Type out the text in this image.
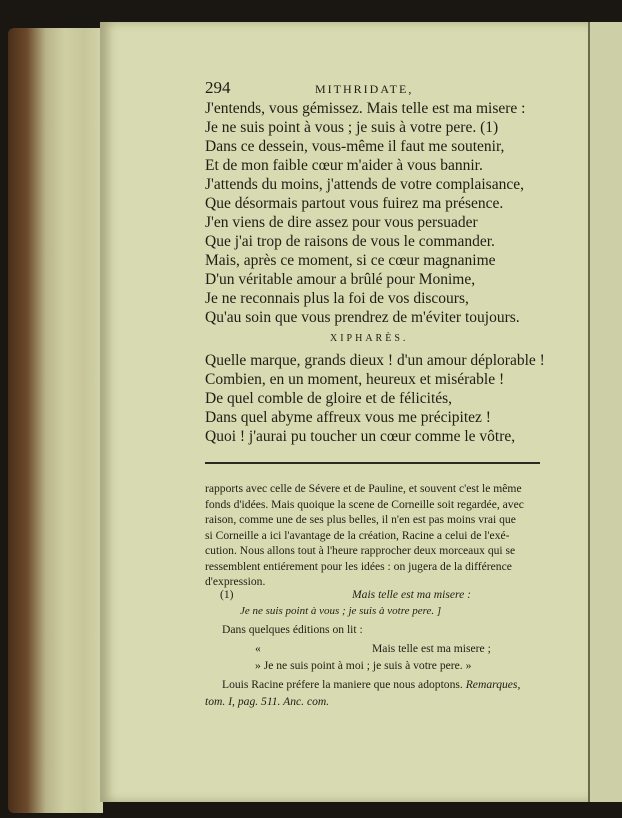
294	MITHRIDATE,
XIPHARÈS.
(1)	Mais telle est ma misere :
Je ne suis point à vous ; je suis à votre pere. ]
Dans quelques éditions on lit :
«	Mais telle est ma misere ;
» Je ne suis point à moi ; je suis à votre pere. »
Louis Racine préfere la maniere que nous adoptons. Remarques,
tom. I, pag. 511. Anc. com.
J'entends, vous gémissez. Mais telle est ma misere :
Je ne suis point à vous ; je suis à votre pere. (1)
Dans ce dessein, vous-même il faut me soutenir,
Et de mon faible cœur m'aider à vous bannir.
J'attends du moins, j'attends de votre complaisance,
Que désormais partout vous fuirez ma présence.
J'en viens de dire assez pour vous persuader
Que j'ai trop de raisons de vous le commander.
Mais, après ce moment, si ce cœur magnanime
D'un véritable amour a brûlé pour Monime,
Je ne reconnais plus la foi de vos discours,
Qu'au soin que vous prendrez de m'éviter toujours.
Quelle marque, grands dieux ! d'un amour déplorable !
Combien, en un moment, heureux et misérable !
De quel comble de gloire et de félicités,
Dans quel abyme affreux vous me précipitez !
Quoi ! j'aurai pu toucher un cœur comme le vôtre,
rapports avec celle de Sévere et de Pauline, et souvent c'est le même
fonds d'idées. Mais quoique la scene de Corneille soit regardée, avec
raison, comme une de ses plus belles, il n'en est pas moins vrai que
si Corneille a ici l'avantage de la création, Racine a celui de l'exé-
cution. Nous allons tout à l'heure rapprocher deux morceaux qui se
ressemblent entiérement pour les idées : on jugera de la différence
d'expression.
